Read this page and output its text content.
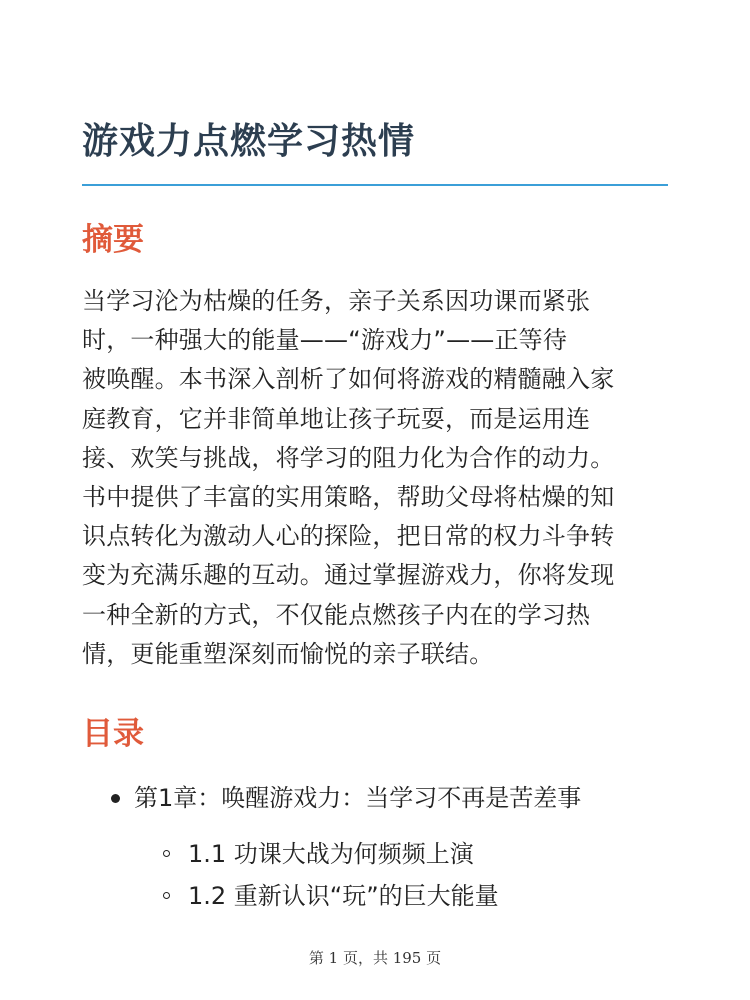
游戏力点燃学习热情
摘要

当学习沦为枯燥的任务，亲子关系因功课而紧张
时，一种强大的能量——“游戏力”——正等待
被唤醒。本书深入剖析了如何将游戏的精髓融入家
庭教育，它并非简单地让孩子玩耍，而是运用连
接、欢笑与挑战，将学习的阻力化为合作的动力。
书中提供了丰富的实用策略，帮助父母将枯燥的知
识点转化为激动人心的探险，把日常的权力斗争转
变为充满乐趣的互动。通过掌握游戏力，你将发现
一种全新的方式，不仅能点燃孩子内在的学习热
情，更能重塑深刻而愉悦的亲子联结。

目录
第1章：唤醒游戏力：当学习不再是苦差事
1.1 功课大战为何频频上演
1.2 重新认识“玩”的巨大能量
第 1 页，共 195 页
